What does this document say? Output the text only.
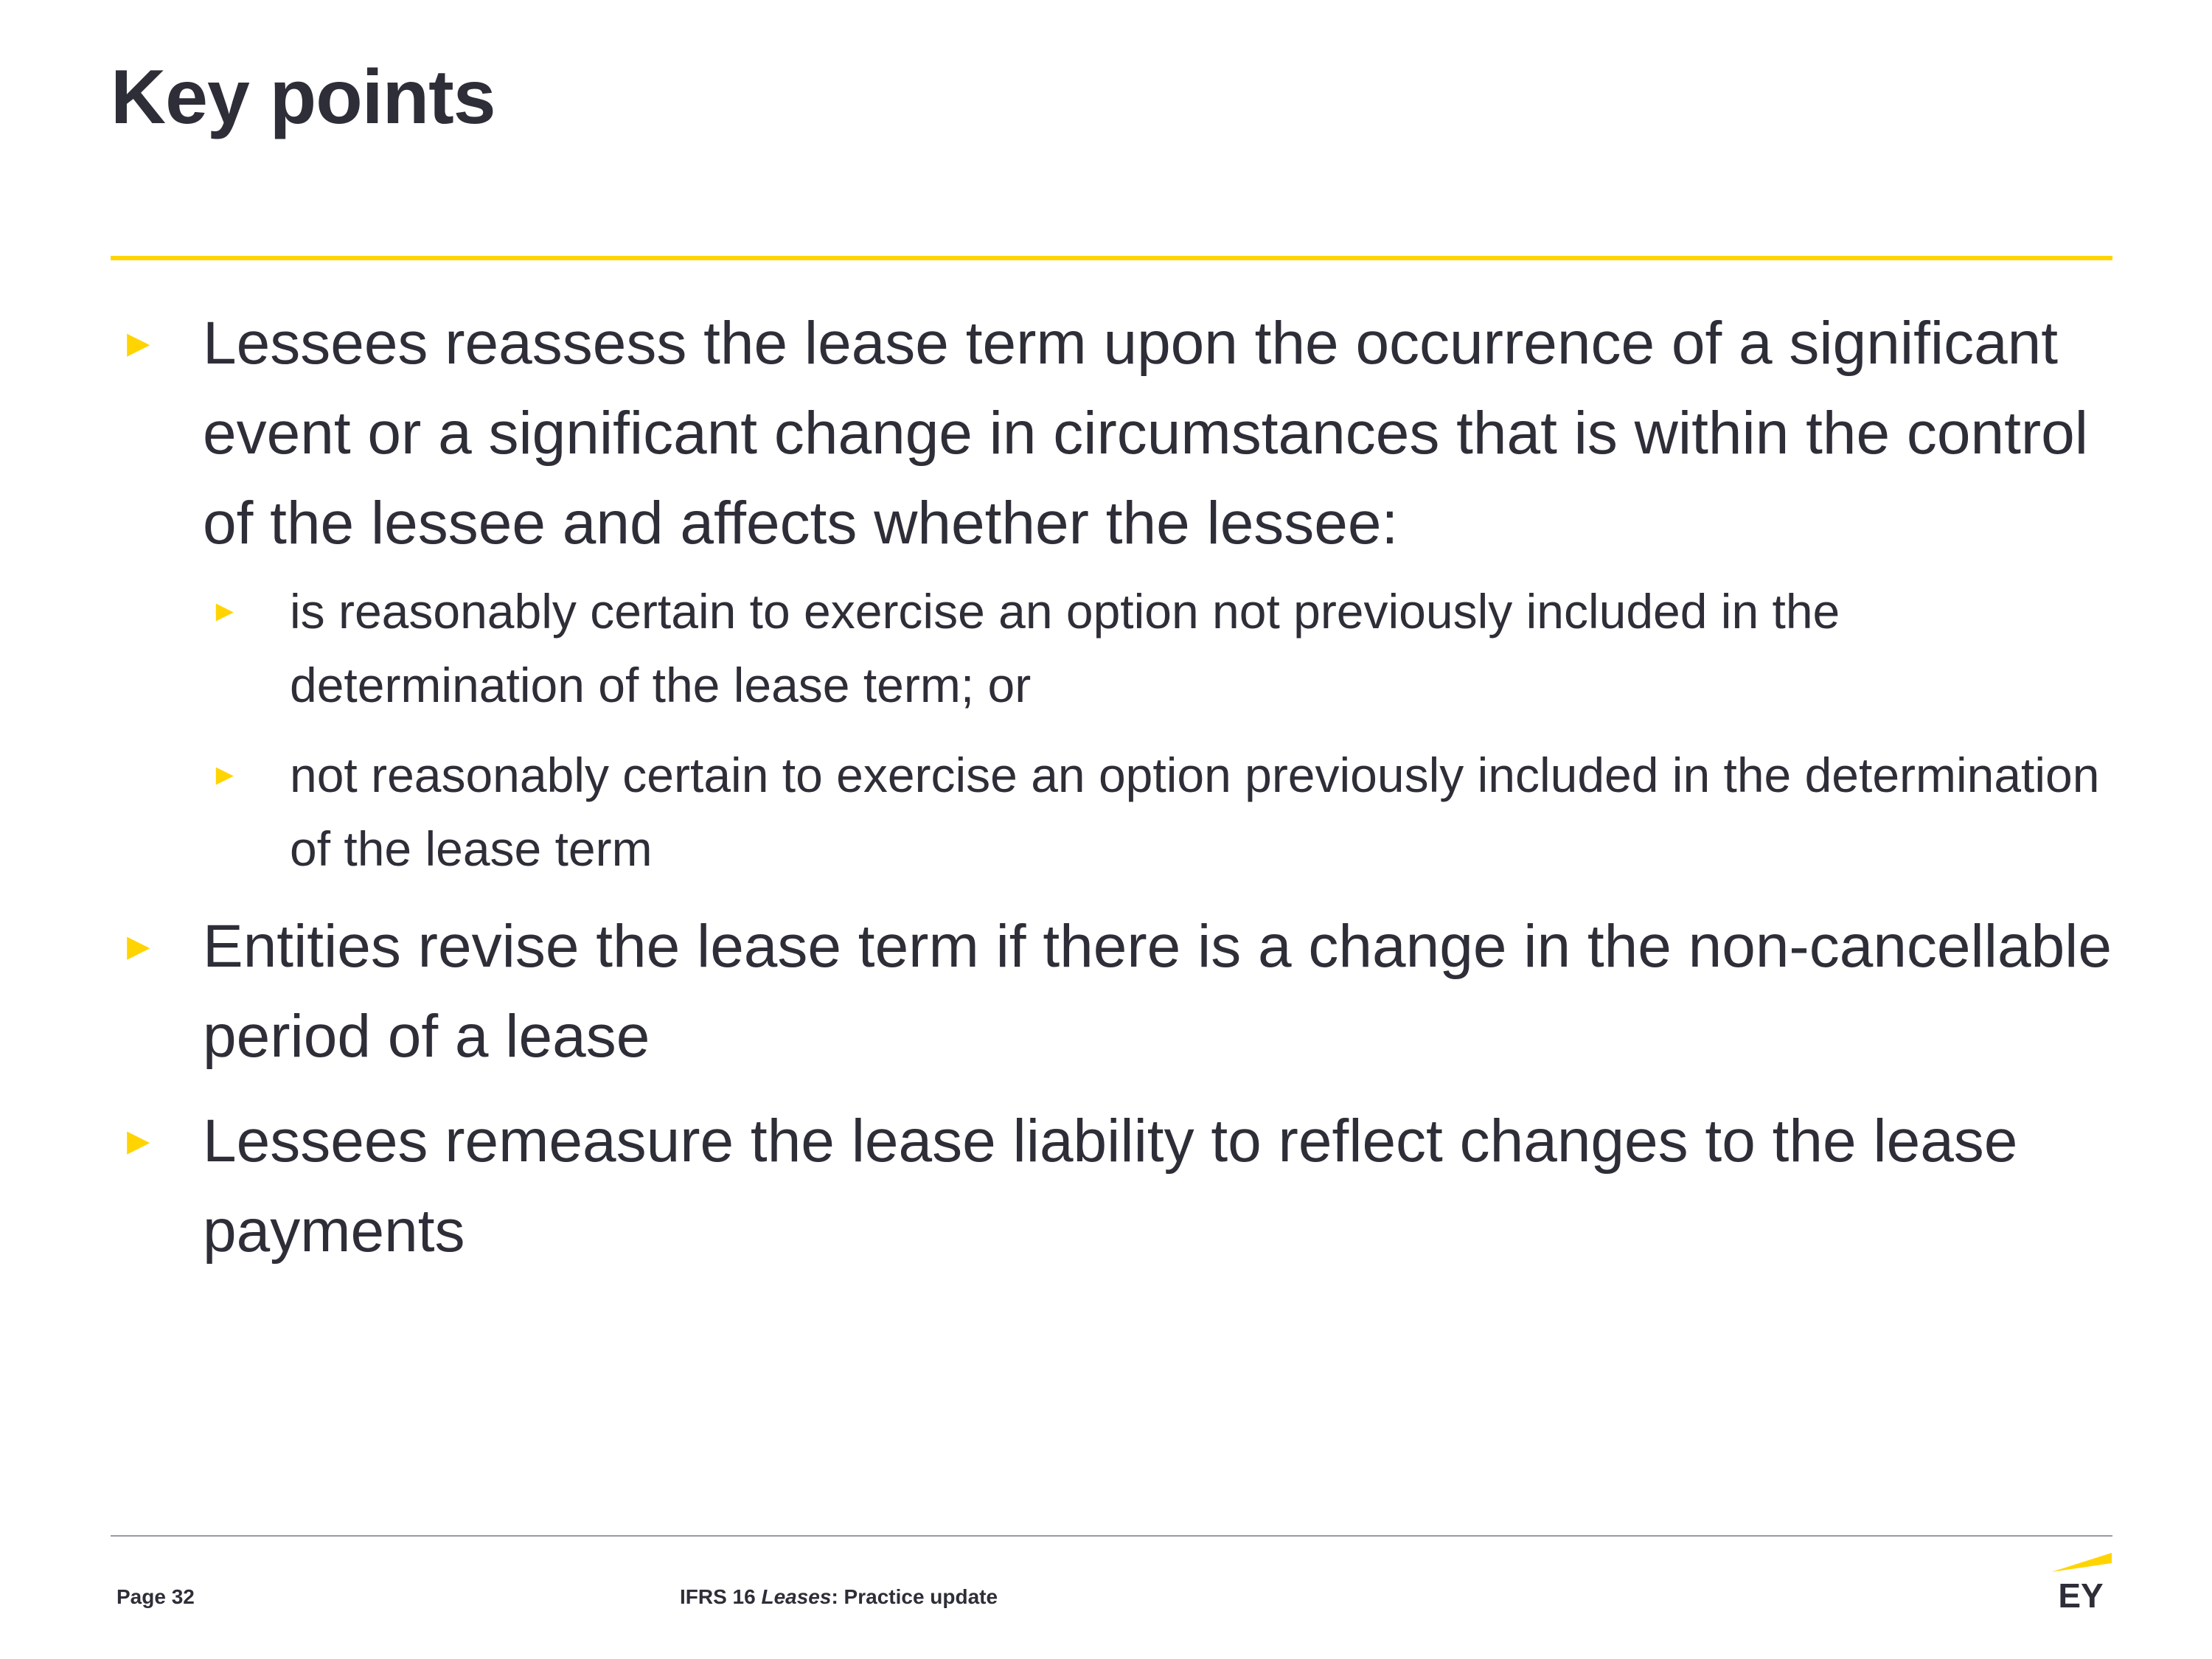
Key points
► Lessees reassess the lease term upon the occurrence of a significant event or a significant change in circumstances that is within the control of the lessee and affects whether the lessee:
►	is reasonably certain to exercise an option not previously included in the determination of the lease term; or
►	not reasonably certain to exercise an option previously included in the determination of the lease term
► Entities revise the lease term if there is a change in the non-cancellable period of a lease
► Lessees remeasure the lease liability to reflect changes to the lease payments
Page 32	IFRS 16 Leases: Practice update	EY
